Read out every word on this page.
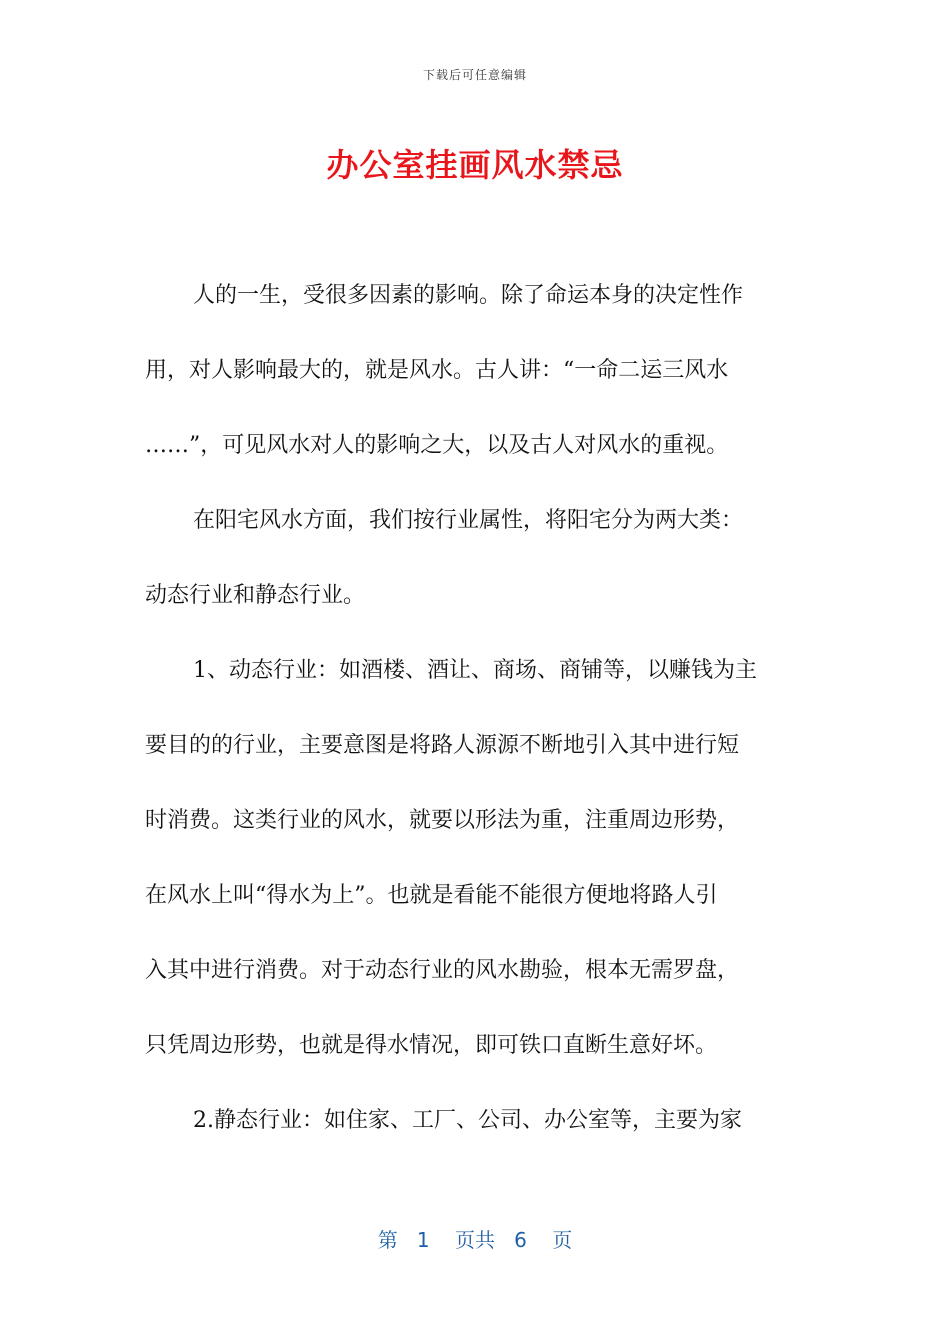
下载后可任意编辑
办公室挂画风水禁忌
人的一生，受很多因素的影响。除了命运本身的决定性作
用，对人影响最大的，就是风水。古人讲：“一命二运三风水
……”，可见风水对人的影响之大，以及古人对风水的重视。
在阳宅风水方面，我们按行业属性，将阳宅分为两大类：
动态行业和静态行业。
1、动态行业：如酒楼、酒让、商场、商铺等，以赚钱为主
要目的的行业，主要意图是将路人源源不断地引入其中进行短
时消费。这类行业的风水，就要以形法为重，注重周边形势，
在风水上叫“得水为上”。也就是看能不能很方便地将路人引
入其中进行消费。对于动态行业的风水勘验，根本无需罗盘，
只凭周边形势，也就是得水情况，即可铁口直断生意好坏。
2.静态行业：如住家、工厂、公司、办公室等，主要为家
第 1 页共 6 页
